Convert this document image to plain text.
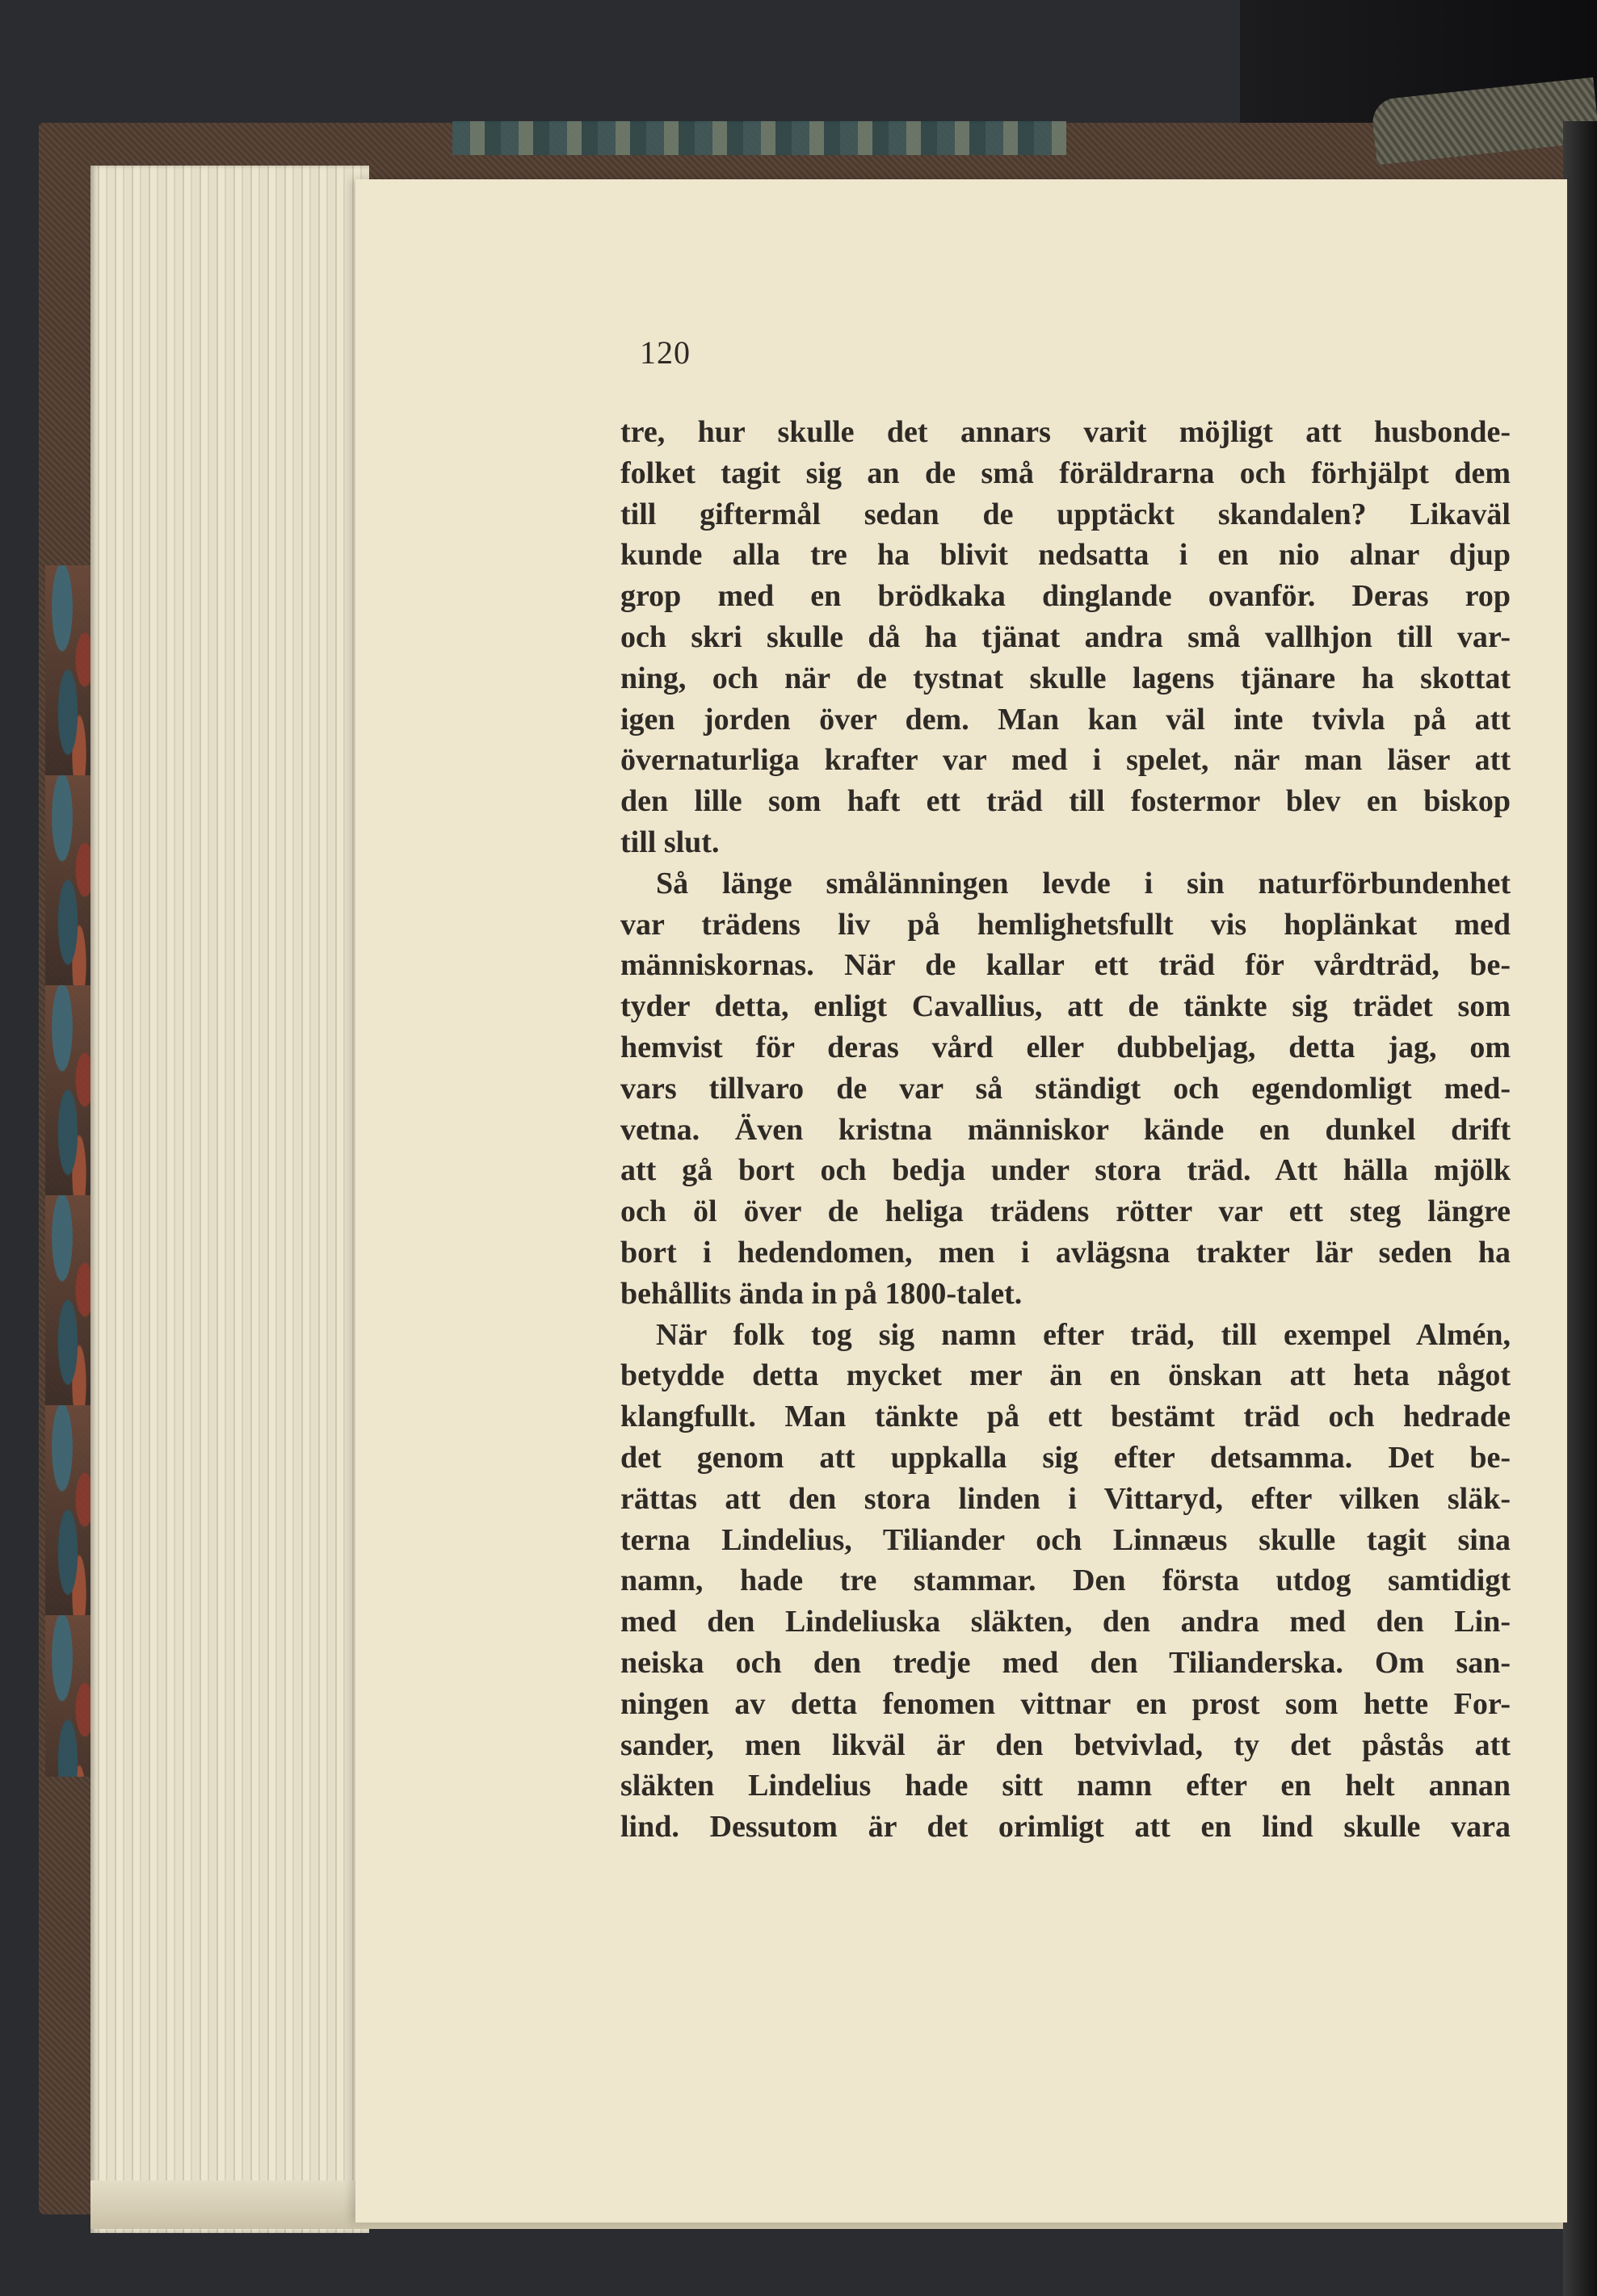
120
tre, hur skulle det annars varit möjligt att husbonde-
folket tagit sig an de små föräldrarna och förhjälpt dem
till giftermål sedan de upptäckt skandalen? Likaväl
kunde alla tre ha blivit nedsatta i en nio alnar djup
grop med en brödkaka dinglande ovanför. Deras rop
och skri skulle då ha tjänat andra små vallhjon till var-
ning, och när de tystnat skulle lagens tjänare ha skottat
igen jorden över dem. Man kan väl inte tvivla på att
övernaturliga krafter var med i spelet, när man läser att
den lille som haft ett träd till fostermor blev en biskop
till slut.
Så länge smålänningen levde i sin naturförbundenhet
var trädens liv på hemlighetsfullt vis hoplänkat med
människornas. När de kallar ett träd för vårdträd, be-
tyder detta, enligt Cavallius, att de tänkte sig trädet som
hemvist för deras vård eller dubbeljag, detta jag, om
vars tillvaro de var så ständigt och egendomligt med-
vetna. Även kristna människor kände en dunkel drift
att gå bort och bedja under stora träd. Att hälla mjölk
och öl över de heliga trädens rötter var ett steg längre
bort i hedendomen, men i avlägsna trakter lär seden ha
behållits ända in på 1800-talet.
När folk tog sig namn efter träd, till exempel Almén,
betydde detta mycket mer än en önskan att heta något
klangfullt. Man tänkte på ett bestämt träd och hedrade
det genom att uppkalla sig efter detsamma. Det be-
rättas att den stora linden i Vittaryd, efter vilken släk-
terna Lindelius, Tiliander och Linnæus skulle tagit sina
namn, hade tre stammar. Den första utdog samtidigt
med den Lindeliuska släkten, den andra med den Lin-
neiska och den tredje med den Tilianderska. Om san-
ningen av detta fenomen vittnar en prost som hette For-
sander, men likväl är den betvivlad, ty det påstås att
släkten Lindelius hade sitt namn efter en helt annan
lind. Dessutom är det orimligt att en lind skulle vara
